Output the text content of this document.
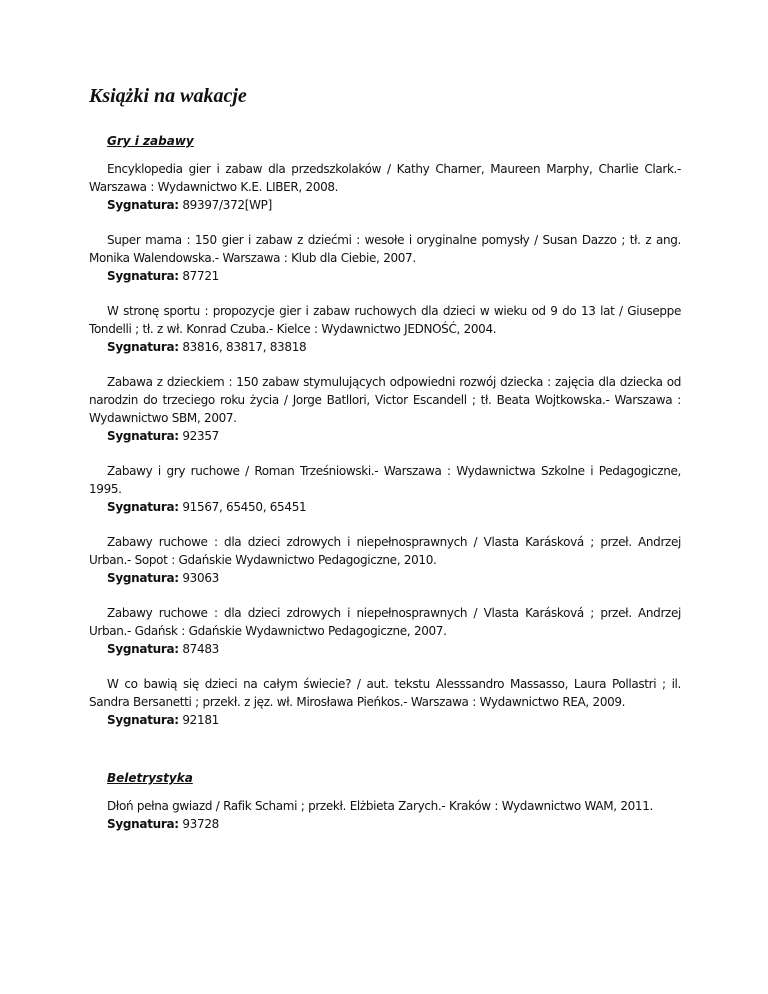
Książki na wakacje
Gry i zabawy
Encyklopedia gier i zabaw dla przedszkolaków / Kathy Charner, Maureen Marphy, Charlie Clark.- Warszawa : Wydawnictwo K.E. LIBER, 2008.
Sygnatura: 89397/372[WP]
Super mama : 150 gier i zabaw z dziećmi : wesołe i oryginalne pomysły / Susan Dazzo ; tł. z ang. Monika Walendowska.- Warszawa : Klub dla Ciebie, 2007.
Sygnatura: 87721
W stronę sportu : propozycje gier i zabaw ruchowych dla dzieci w wieku od 9 do 13 lat / Giuseppe Tondelli ; tł. z wł. Konrad Czuba.- Kielce : Wydawnictwo JEDNOŚĆ, 2004.
Sygnatura: 83816, 83817, 83818
Zabawa z dzieckiem : 150 zabaw stymulujących odpowiedni rozwój dziecka : zajęcia dla dziecka od narodzin do trzeciego roku życia / Jorge Batllori, Victor Escandell ; tł. Beata Wojtkowska.- Warszawa : Wydawnictwo SBM, 2007.
Sygnatura: 92357
Zabawy i gry ruchowe / Roman Trześniowski.- Warszawa : Wydawnictwa Szkolne i Pedagogiczne, 1995.
Sygnatura: 91567, 65450, 65451
Zabawy ruchowe : dla dzieci zdrowych i niepełnosprawnych / Vlasta Karásková ; przeł. Andrzej Urban.- Sopot : Gdańskie Wydawnictwo Pedagogiczne, 2010.
Sygnatura: 93063
Zabawy ruchowe : dla dzieci zdrowych i niepełnosprawnych / Vlasta Karásková ; przeł. Andrzej Urban.- Gdańsk : Gdańskie Wydawnictwo Pedagogiczne, 2007.
Sygnatura: 87483
W co bawią się dzieci na całym świecie? / aut. tekstu Alesssandro Massasso, Laura Pollastri ; il. Sandra Bersanetti ; przekł. z jęz. wł. Mirosława Pieńkos.- Warszawa : Wydawnictwo REA, 2009.
Sygnatura: 92181
Beletrystyka
Dłoń pełna gwiazd / Rafik Schami ; przekł. Elżbieta Zarych.- Kraków : Wydawnictwo WAM, 2011.
Sygnatura: 93728
